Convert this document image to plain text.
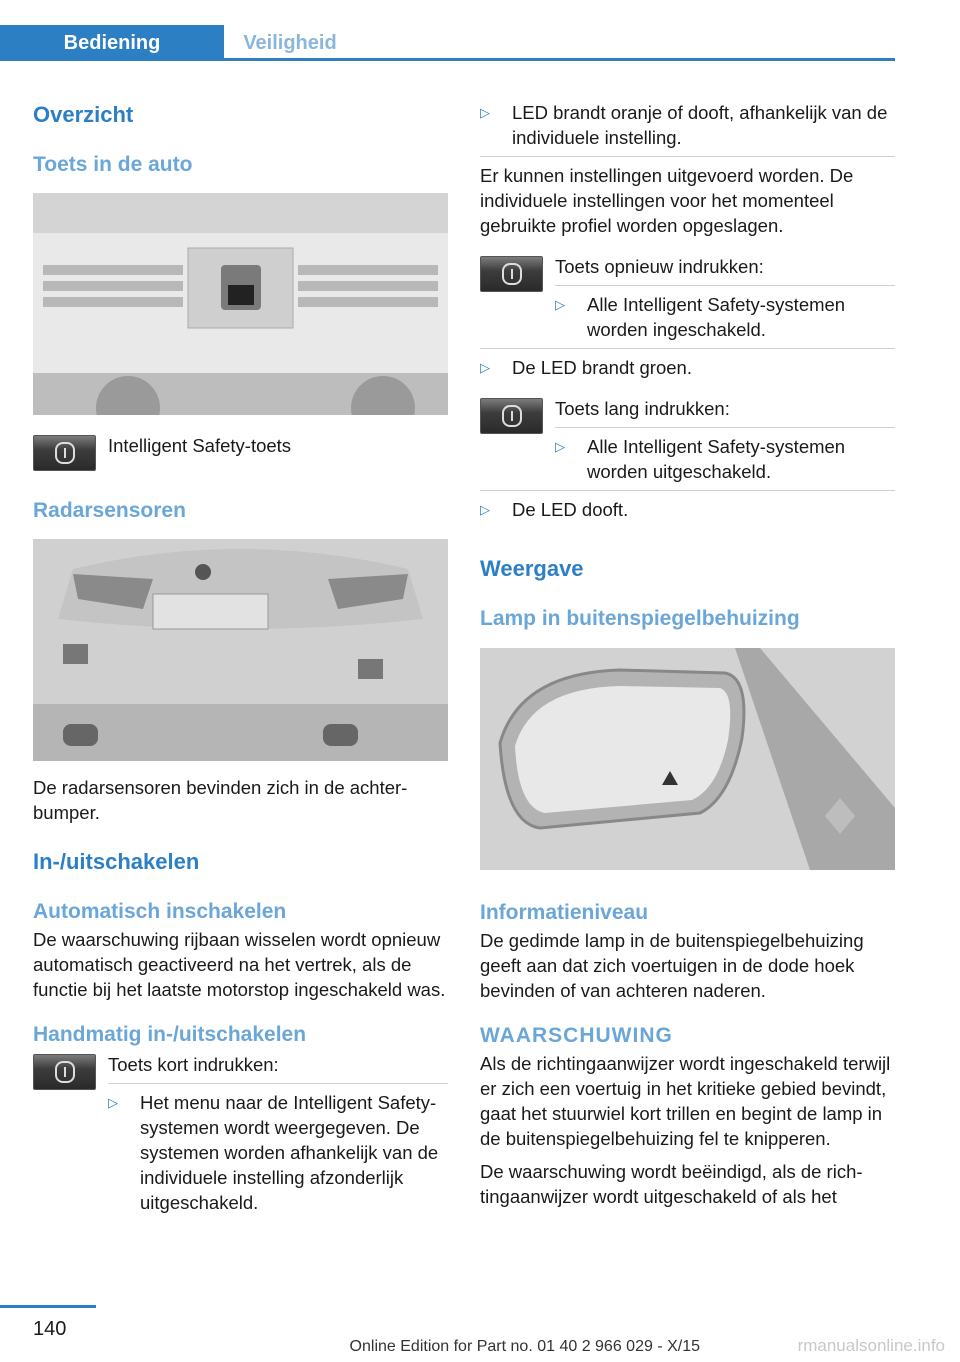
Bediening	Veiligheid
Overzicht
Toets in de auto
Intelligent Safety-toets
Radarsensoren

De radarsensoren bevinden zich in de achterbumper.

In-/uitschakelen
Automatisch inschakelen

De waarschuwing rijbaan wisselen wordt opnieuw automatisch geactiveerd na het vertrek, als de functie bij het laatste motorstop ingeschakeld was.

Handmatig in-/uitschakelen
Toets kort indrukken:
▷	Het menu naar de Intelligent Safety-systemen wordt weergegeven. De systemen worden afhankelijk van de individuele instelling afzonderlijk uitgeschakeld.
▷	LED brandt oranje of dooft, afhankelijk van de individuele instelling.

Er kunnen instellingen uitgevoerd worden. De individuele instellingen voor het momenteel gebruikte profiel worden opgeslagen.

Toets opnieuw indrukken:
▷	Alle Intelligent Safety-systemen worden ingeschakeld.
▷	De LED brandt groen.
Toets lang indrukken:
▷	Alle Intelligent Safety-systemen worden uitgeschakeld.
▷	De LED dooft.
Weergave
Lamp in buitenspiegelbehuizing
Informatieniveau

De gedimde lamp in de buitenspiegelbehuizing geeft aan dat zich voertuigen in de dode hoek bevinden of van achteren naderen.

WAARSCHUWING

Als de richtingaanwijzer wordt ingeschakeld terwijl er zich een voertuig in het kritieke gebied bevindt, gaat het stuurwiel kort trillen en begint de lamp in de buitenspiegelbehuizing fel te knipperen.

De waarschuwing wordt beëindigd, als de richtingaanwijzer wordt uitgeschakeld of als het

140
Online Edition for Part no. 01 40 2 966 029 - X/15	rmanualsonline.info
